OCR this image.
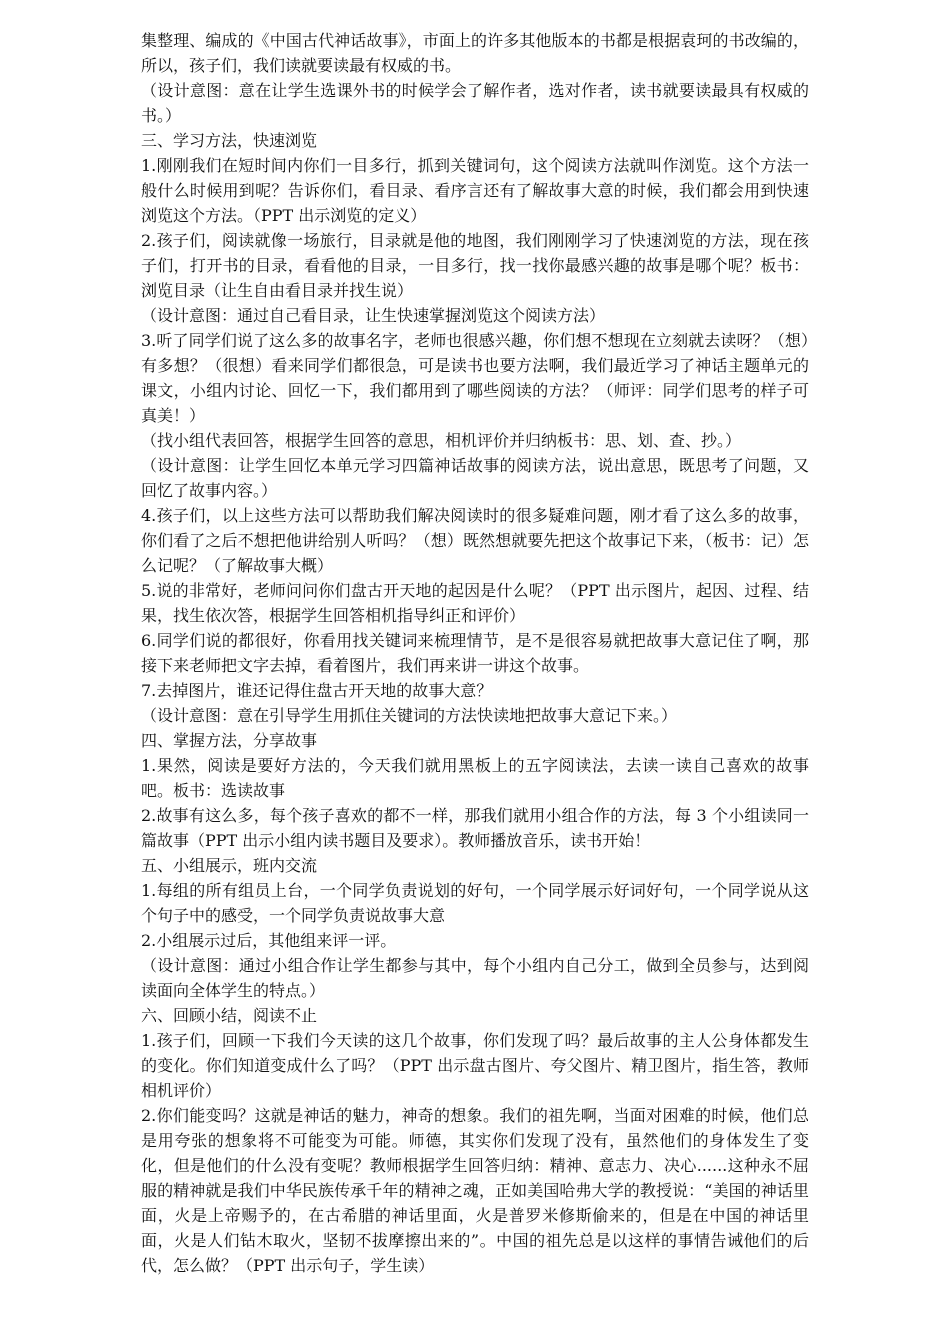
集整理、编成的《中国古代神话故事》，市面上的许多其他版本的书都是根据袁珂的书改编的，所以，孩子们，我们读就要读最有权威的书。

（设计意图：意在让学生选课外书的时候学会了解作者，选对作者，读书就要读最具有权威的书。）

三、学习方法，快速浏览

1.刚刚我们在短时间内你们一目多行，抓到关键词句，这个阅读方法就叫作浏览。这个方法一般什么时候用到呢？告诉你们，看目录、看序言还有了解故事大意的时候，我们都会用到快速浏览这个方法。（PPT 出示浏览的定义）

2.孩子们，阅读就像一场旅行，目录就是他的地图，我们刚刚学习了快速浏览的方法，现在孩子们，打开书的目录，看看他的目录，一目多行，找一找你最感兴趣的故事是哪个呢？板书：浏览目录（让生自由看目录并找生说）

（设计意图：通过自己看目录，让生快速掌握浏览这个阅读方法）

3.听了同学们说了这么多的故事名字，老师也很感兴趣，你们想不想现在立刻就去读呀？（想）有多想？（很想）看来同学们都很急，可是读书也要方法啊，我们最近学习了神话主题单元的课文，小组内讨论、回忆一下，我们都用到了哪些阅读的方法？（师评：同学们思考的样子可真美！）

（找小组代表回答，根据学生回答的意思，相机评价并归纳板书：思、划、查、抄。）

（设计意图：让学生回忆本单元学习四篇神话故事的阅读方法，说出意思，既思考了问题，又回忆了故事内容。）

4.孩子们，以上这些方法可以帮助我们解决阅读时的很多疑难问题，刚才看了这么多的故事，你们看了之后不想把他讲给别人听吗？（想）既然想就要先把这个故事记下来，（板书：记）怎么记呢？（了解故事大概）

5.说的非常好，老师问问你们盘古开天地的起因是什么呢？（PPT 出示图片，起因、过程、结果，找生依次答，根据学生回答相机指导纠正和评价）

6.同学们说的都很好，你看用找关键词来梳理情节，是不是很容易就把故事大意记住了啊，那接下来老师把文字去掉，看着图片，我们再来讲一讲这个故事。

7.去掉图片，谁还记得住盘古开天地的故事大意？

（设计意图：意在引导学生用抓住关键词的方法快读地把故事大意记下来。）

四、掌握方法，分享故事

1.果然，阅读是要好方法的，今天我们就用黑板上的五字阅读法，去读一读自己喜欢的故事吧。板书：选读故事

2.故事有这么多，每个孩子喜欢的都不一样，那我们就用小组合作的方法，每 3 个小组读同一篇故事（PPT 出示小组内读书题目及要求）。教师播放音乐，读书开始！

五、小组展示，班内交流

1.每组的所有组员上台，一个同学负责说划的好句，一个同学展示好词好句，一个同学说从这个句子中的感受，一个同学负责说故事大意

2.小组展示过后，其他组来评一评。

（设计意图：通过小组合作让学生都参与其中，每个小组内自己分工，做到全员参与，达到阅读面向全体学生的特点。）

六、回顾小结，阅读不止

1.孩子们，回顾一下我们今天读的这几个故事，你们发现了吗？最后故事的主人公身体都发生的变化。你们知道变成什么了吗？（PPT 出示盘古图片、夸父图片、精卫图片，指生答，教师相机评价）

2.你们能变吗？这就是神话的魅力，神奇的想象。我们的祖先啊，当面对困难的时候，他们总是用夸张的想象将不可能变为可能。师德，其实你们发现了没有，虽然他们的身体发生了变化，但是他们的什么没有变呢？教师根据学生回答归纳：精神、意志力、决心......这种永不屈服的精神就是我们中华民族传承千年的精神之魂，正如美国哈弗大学的教授说：“美国的神话里面，火是上帝赐予的，在古希腊的神话里面，火是普罗米修斯偷来的，但是在中国的神话里面，火是人们钻木取火，坚韧不拔摩擦出来的”。中国的祖先总是以这样的事情告诫他们的后代，怎么做？（PPT 出示句子，学生读）
